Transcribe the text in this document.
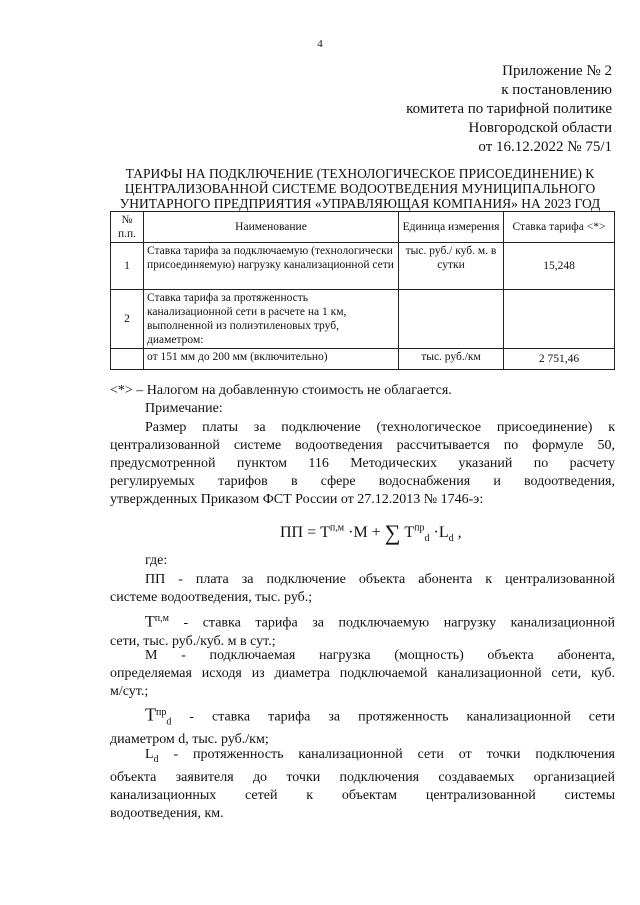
4
Приложение № 2
к постановлению
комитета по тарифной политике
Новгородской области
от 16.12.2022 № 75/1
ТАРИФЫ НА ПОДКЛЮЧЕНИЕ (ТЕХНОЛОГИЧЕСКОЕ ПРИСОЕДИНЕНИЕ) К
ЦЕНТРАЛИЗОВАННОЙ СИСТЕМЕ ВОДООТВЕДЕНИЯ МУНИЦИПАЛЬНОГО
УНИТАРНОГО ПРЕДПРИЯТИЯ «УПРАВЛЯЮЩАЯ КОМПАНИЯ» НА 2023 ГОД
№ п.п.	Наименование	Единица измерения	Ставка тарифа <*>
1	Ставка тарифа за подключаемую (технологически присоединяемую) нагрузку канализационной сети	тыс. руб./ куб. м. в сутки	15,248
2	Ставка тарифа за протяженность канализационной сети в расчете на 1 км, выполненной из полиэтиленовых труб, диаметром:		
	от 151 мм до 200 мм (включительно)	тыс. руб./км	2 751,46
<*> – Налогом на добавленную стоимость не облагается.
Примечание:
Размер платы за подключение (технологическое присоединение) к
централизованной системе водоотведения рассчитывается по формуле 50,
предусмотренной пунктом 116 Методических указаний по расчету
регулируемых тарифов в сфере водоснабжения и водоотведения,
утвержденных Приказом ФСТ России от 27.12.2013 № 1746-э:
ПП = $Т^{п,м} \cdot М$ + ∑ $Т^{пр}_d \cdot L_d$ ,
где:
ПП - плата за подключение объекта абонента к централизованной
системе водоотведения, тыс. руб.;
$Т^{п,м}$ - ставка тарифа за подключаемую нагрузку канализационной
сети, тыс. руб./куб. м в сут.;
М - подключаемая нагрузка (мощность) объекта абонента,
определяемая исходя из диаметра подключаемой канализационной сети, куб.
м/сут.;
$Т^{пр}_d$ - ставка тарифа за протяженность канализационной сети
диаметром d, тыс. руб./км;
$L_d$ - протяженность канализационной сети от точки подключения
объекта заявителя до точки подключения создаваемых организацией
канализационных сетей к объектам централизованной системы
водоотведения, км.
